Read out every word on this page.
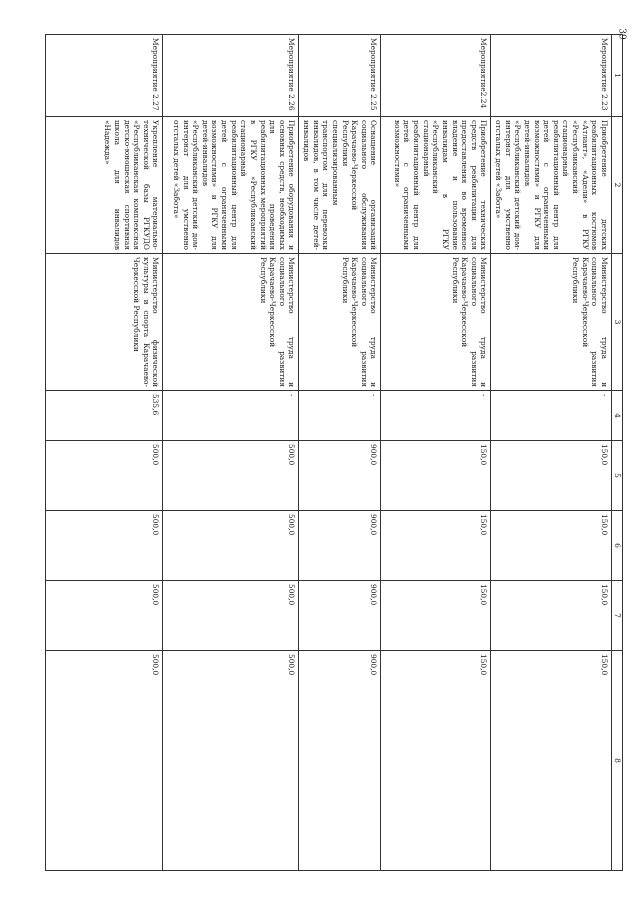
39
1	2	3	4	5	6	7	8
Мероприятие 2.23	Приобретение детских реабилитационных костюмов «Атлант», «Адели» в РГКУ «Республиканский стационарный реабилитационный центр для детей с ограниченными возможностями» и РГКУ для детей-инвалидов «Республиканский детский дом-интернат для умственно отсталых детей «Забота»	Министерство труда и социального развития Карачаево-Черкесской Республики	-	150,0	150,0	150,0	150,0
Мероприятие2.24	Приобретение технических средств реабилитации для предоставления во временное владение и пользование инвалидам в РГКУ «Республиканский стационарный реабилитационный центр для детей с ограниченными возможностями»	Министерство труда и социального развития Карачаево-Черкесской Республики	-	150,0	150,0	150,0	150,0
Мероприятие 2.25	Оснащение организаций социального обслуживания Карачаево-Черкесской Республики специализированным транспортом для перевозки инвалидов, в том числе детей-инвалидов	Министерство труда и социального развития Карачаево-Черкесской Республики	-	900,0	900,0	900,0	900,0
Мероприятие 2.26	Приобретение оборудования и основных средств, необходимых для проведения реабилитационных мероприятий в РГКУ «Республиканский стационарный реабилитационный центр для детей с ограниченными возможностями» и РГКУ для детей-инвалидов «Республиканский детский дом-интернат для умственно отсталых детей «Забота»	Министерство труда и социального развития Карачаево-Черкесской Республики	-	500,0	500,0	500,0	500,0
Мероприятие 2.27	Укрепление материально-технической базы РГКУДО «Республиканская комплексная детско-юношеская спортивная школа для инвалидов «Надежда»	Министерство физической культуры и спорта Карачаево-Черкесской Республики	535,6	500,0	500,0	500,0	500,0
